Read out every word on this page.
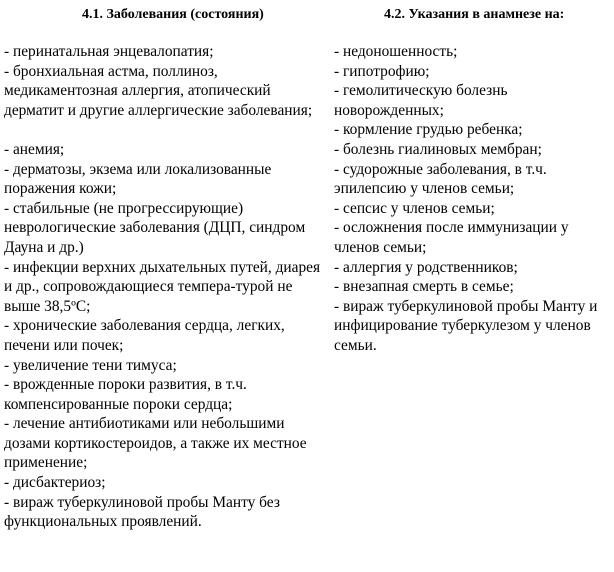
4.1. Заболевания (состояния)
- перинатальная энцевалопатия;
- бронхиальная астма, поллиноз, медикаментозная аллергия, атопический дерматит и другие аллергические заболевания;
- анемия;
- дерматозы, экзема или локализованные поражения кожи;
- стабильные (не прогрессирующие) неврологические заболевания (ДЦП, синдром Дауна и др.)
- инфекции верхних дыхательных путей, диарея и др., сопровождающиеся темпера-турой не выше 38,5ºС;
- хронические заболевания сердца, легких, печени или почек;
- увеличение тени тимуса;
- врожденные пороки развития, в т.ч. компенсированные пороки сердца;
- лечение антибиотиками или небольшими дозами кортикостероидов, а также их местное применение;
- дисбактериоз;
- вираж туберкулиновой пробы Манту без функциональных проявлений.
4.2. Указания в анамнезе на:
- недоношенность;
- гипотрофию;
- гемолитическую болезнь новорожденных;
- кормление грудью ребенка;
- болезнь гиалиновых мембран;
- судорожные заболевания, в т.ч. эпилепсию у членов семьи;
- сепсис у членов семьи;
- осложнения после иммунизации у членов семьи;
- аллергия у родственников;
- внезапная смерть в семье;
- вираж туберкулиновой пробы Манту и инфицирование туберкулезом у членов семьи.
